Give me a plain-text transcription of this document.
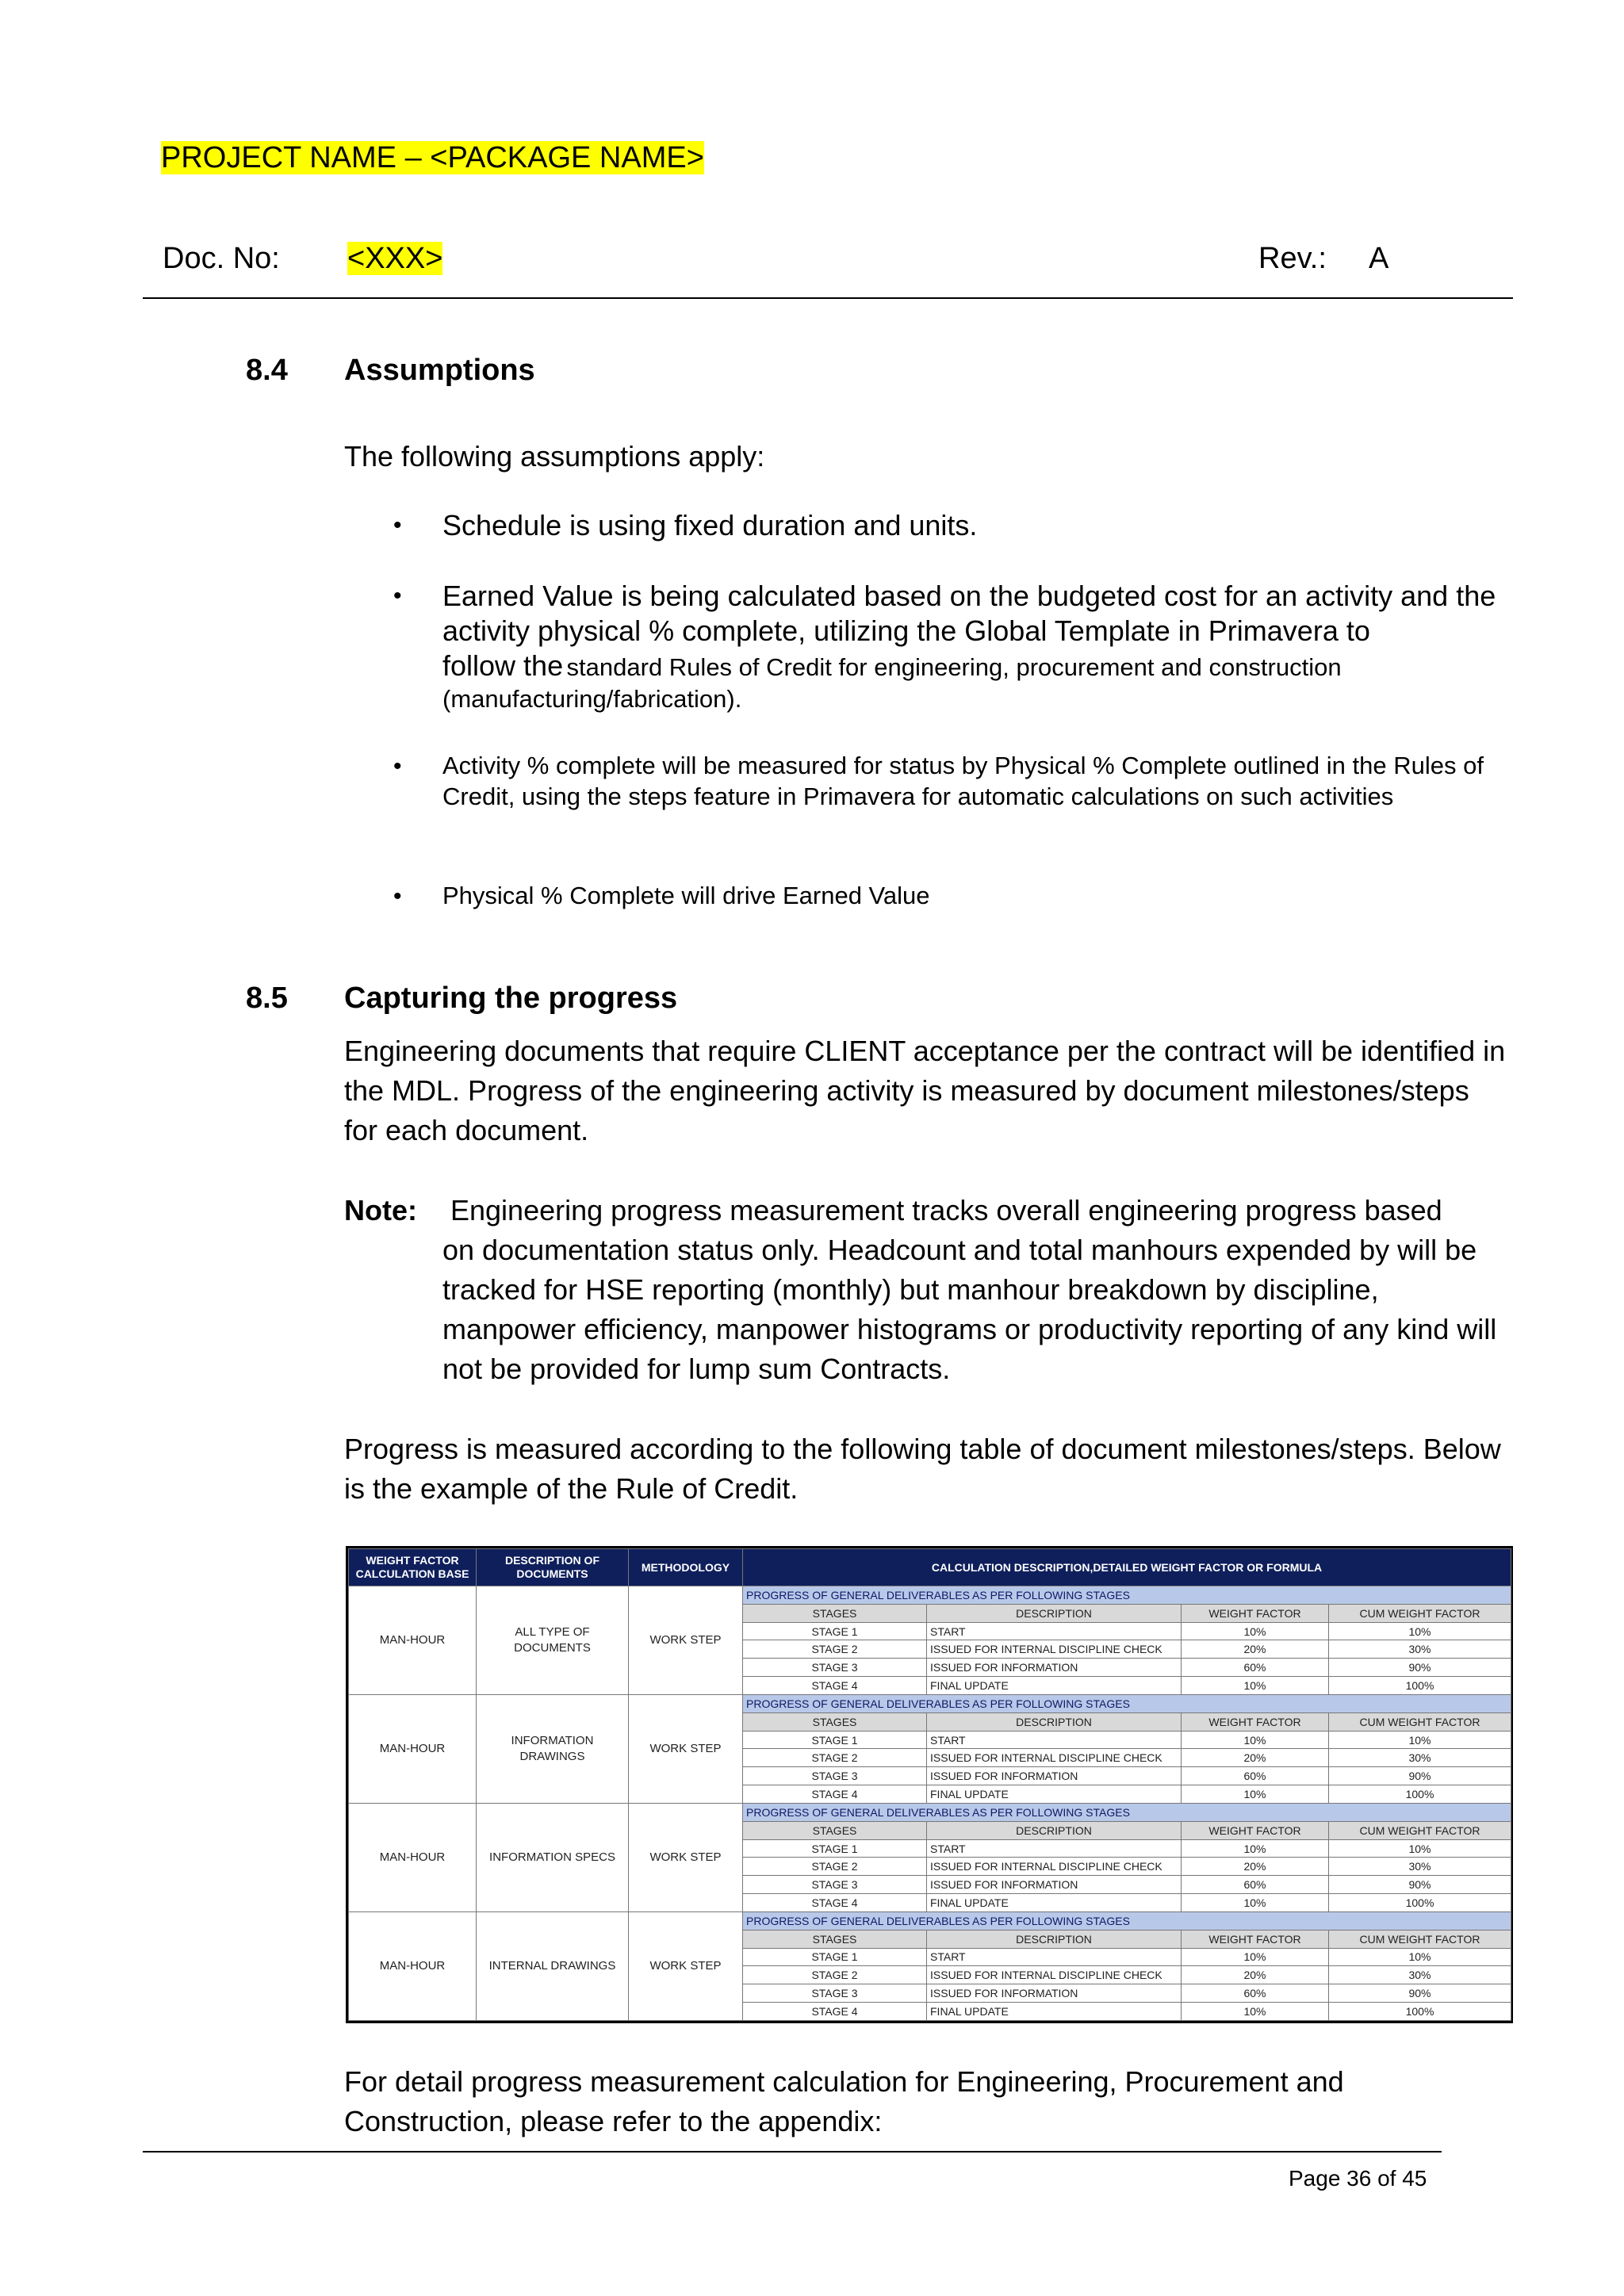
PROJECT NAME – <PACKAGE NAME>
Doc. No: <XXX>	Rev.: A
8.4 Assumptions
The following assumptions apply:
• Schedule is using fixed duration and units.
• Earned Value is being calculated based on the budgeted cost for an activity and the activity physical % complete, utilizing the Global Template in Primavera to
follow the standard Rules of Credit for engineering, procurement and construction (manufacturing/fabrication).
• Activity % complete will be measured for status by Physical % Complete outlined in the Rules of Credit, using the steps feature in Primavera for automatic calculations on such activities
• Physical % Complete will drive Earned Value
8.5 Capturing the progress
Engineering documents that require CLIENT acceptance per the contract will be identified in the MDL. Progress of the engineering activity is measured by document milestones/steps for each document.
Note: Engineering progress measurement tracks overall engineering progress based
on documentation status only. Headcount and total manhours expended by will be tracked for HSE reporting (monthly) but manhour breakdown by discipline, manpower efficiency, manpower histograms or productivity reporting of any kind will not be provided for lump sum Contracts.
Progress is measured according to the following table of document milestones/steps. Below is the example of the Rule of Credit.
WEIGHT FACTOR CALCULATION BASE	DESCRIPTION OF DOCUMENTS	METHODOLOGY	CALCULATION DESCRIPTION,DETAILED WEIGHT FACTOR OR FORMULA			
MAN-HOUR	ALL TYPE OF DOCUMENTS	WORK STEP	PROGRESS OF GENERAL DELIVERABLES AS PER FOLLOWING STAGES			
			STAGES	DESCRIPTION	WEIGHT FACTOR	CUM WEIGHT FACTOR
			STAGE 1	START	10%	10%
			STAGE 2	ISSUED FOR INTERNAL DISCIPLINE CHECK	20%	30%
			STAGE 3	ISSUED FOR INFORMATION	60%	90%
			STAGE 4	FINAL UPDATE	10%	100%
MAN-HOUR	INFORMATION DRAWINGS	WORK STEP	PROGRESS OF GENERAL DELIVERABLES AS PER FOLLOWING STAGES			
			STAGES	DESCRIPTION	WEIGHT FACTOR	CUM WEIGHT FACTOR
			STAGE 1	START	10%	10%
			STAGE 2	ISSUED FOR INTERNAL DISCIPLINE CHECK	20%	30%
			STAGE 3	ISSUED FOR INFORMATION	60%	90%
			STAGE 4	FINAL UPDATE	10%	100%
MAN-HOUR	INFORMATION SPECS	WORK STEP	PROGRESS OF GENERAL DELIVERABLES AS PER FOLLOWING STAGES			
			STAGES	DESCRIPTION	WEIGHT FACTOR	CUM WEIGHT FACTOR
			STAGE 1	START	10%	10%
			STAGE 2	ISSUED FOR INTERNAL DISCIPLINE CHECK	20%	30%
			STAGE 3	ISSUED FOR INFORMATION	60%	90%
			STAGE 4	FINAL UPDATE	10%	100%
MAN-HOUR	INTERNAL DRAWINGS	WORK STEP	PROGRESS OF GENERAL DELIVERABLES AS PER FOLLOWING STAGES			
			STAGES	DESCRIPTION	WEIGHT FACTOR	CUM WEIGHT FACTOR
			STAGE 1	START	10%	10%
			STAGE 2	ISSUED FOR INTERNAL DISCIPLINE CHECK	20%	30%
			STAGE 3	ISSUED FOR INFORMATION	60%	90%
			STAGE 4	FINAL UPDATE	10%	100%
For detail progress measurement calculation for Engineering, Procurement and Construction, please refer to the appendix:
Page 36 of 45
